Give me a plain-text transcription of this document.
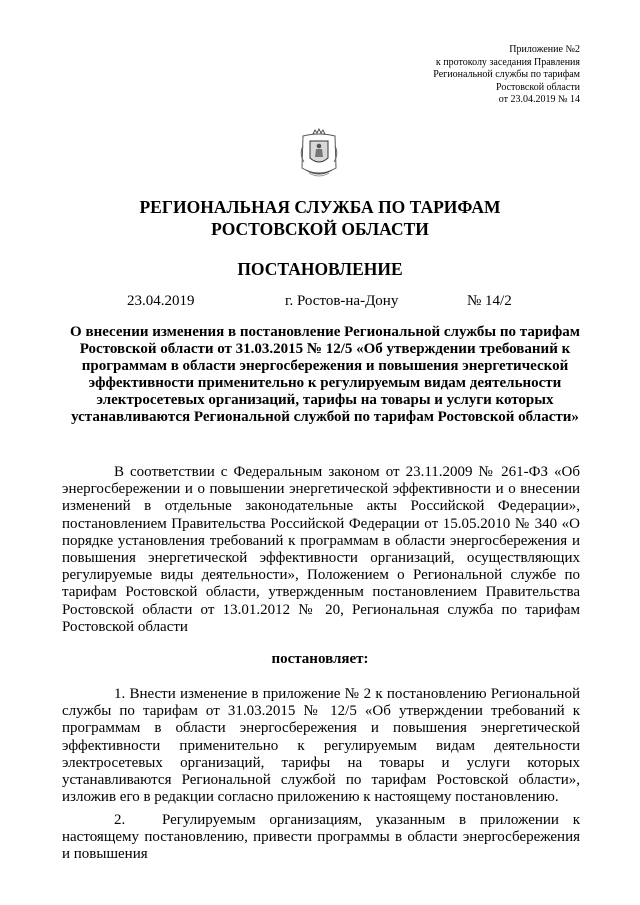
Приложение №2
к протоколу заседания Правления
Региональной службы по тарифам
Ростовской области
от 23.04.2019 № 14
РЕГИОНАЛЬНАЯ СЛУЖБА ПО ТАРИФАМ
РОСТОВСКОЙ ОБЛАСТИ
ПОСТАНОВЛЕНИЕ
23.04.2019	г. Ростов-на-Дону	№ 14/2
О внесении изменения в постановление Региональной службы по тарифам Ростовской области от 31.03.2015 № 12/5 «Об утверждении требований к программам в области энергосбережения и повышения энергетической эффективности применительно к регулируемым видам деятельности электросетевых организаций, тарифы на товары и услуги которых устанавливаются Региональной службой по тарифам Ростовской области»
В соответствии с Федеральным законом от 23.11.2009 № 261-ФЗ «Об энергосбережении и о повышении энергетической эффективности и о внесении изменений в отдельные законодательные акты Российской Федерации», постановлением Правительства Российской Федерации от 15.05.2010 № 340 «О порядке установления требований к программам в области энергосбережения и повышения энергетической эффективности организаций, осуществляющих регулируемые виды деятельности», Положением о Региональной службе по тарифам Ростовской области, утвержденным постановлением Правительства Ростовской области от 13.01.2012 № 20, Региональная служба по тарифам Ростовской области
постановляет:
1. Внести изменение в приложение № 2 к постановлению Региональной службы по тарифам от 31.03.2015 № 12/5 «Об утверждении требований к программам в области энергосбережения и повышения энергетической эффективности применительно к регулируемым видам деятельности электросетевых организаций, тарифы на товары и услуги которых устанавливаются Региональной службой по тарифам Ростовской области», изложив его в редакции согласно приложению к настоящему постановлению.
2. Регулируемым организациям, указанным в приложении к настоящему постановлению, привести программы в области энергосбережения и повышения
